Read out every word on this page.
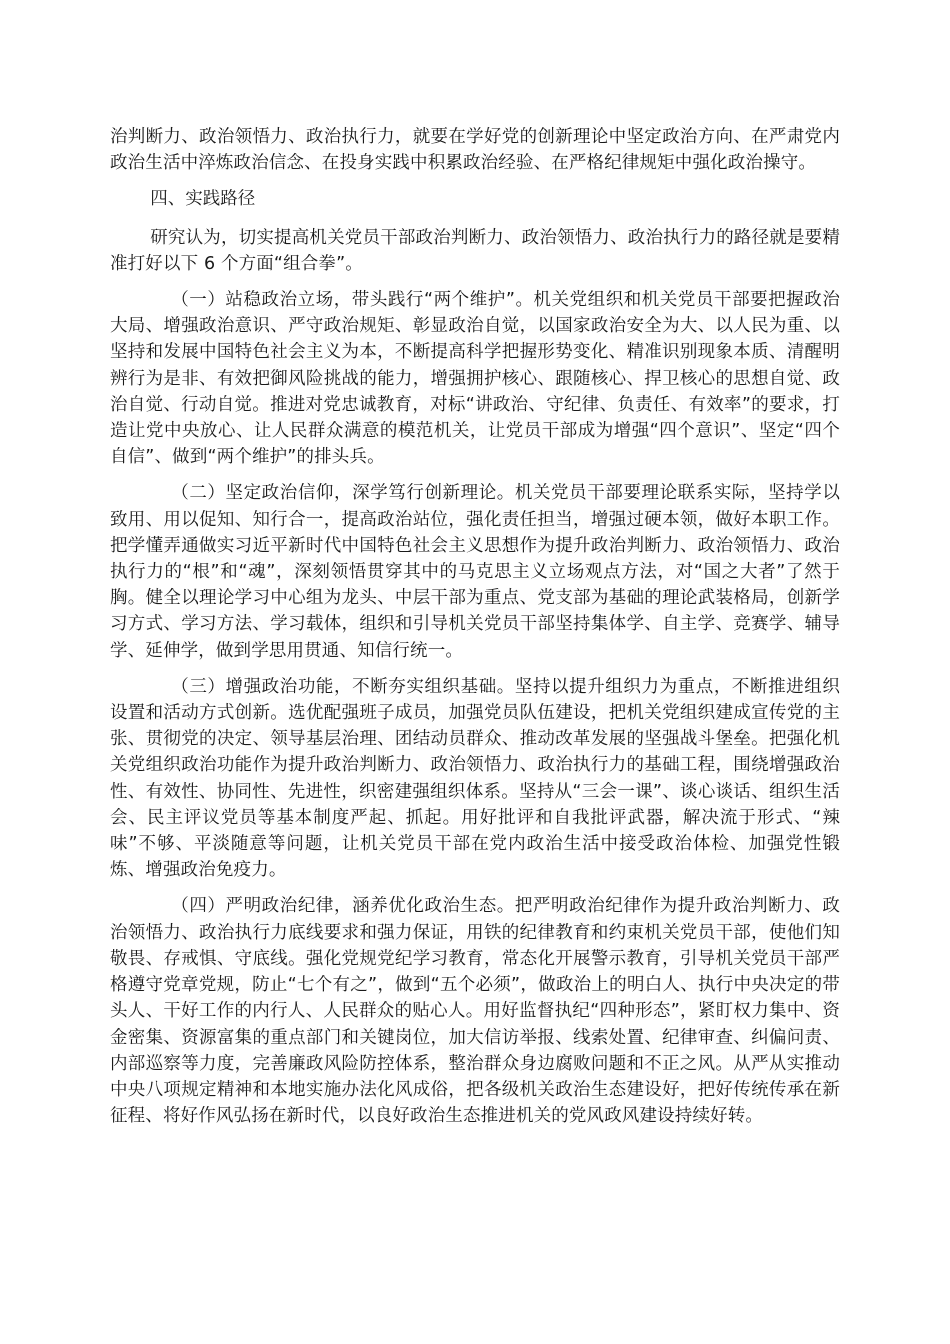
治判断力、政治领悟力、政治执行力，就要在学好党的创新理论中坚定政治方向、在严肃党内政治生活中淬炼政治信念、在投身实践中积累政治经验、在严格纪律规矩中强化政治操守。

四、实践路径

研究认为，切实提高机关党员干部政治判断力、政治领悟力、政治执行力的路径就是要精准打好以下 6 个方面“组合拳”。

（一）站稳政治立场，带头践行“两个维护”。机关党组织和机关党员干部要把握政治大局、增强政治意识、严守政治规矩、彰显政治自觉，以国家政治安全为大、以人民为重、以坚持和发展中国特色社会主义为本，不断提高科学把握形势变化、精准识别现象本质、清醒明辨行为是非、有效把御风险挑战的能力，增强拥护核心、跟随核心、捍卫核心的思想自觉、政治自觉、行动自觉。推进对党忠诚教育，对标“讲政治、守纪律、负责任、有效率”的要求，打造让党中央放心、让人民群众满意的模范机关，让党员干部成为增强“四个意识”、坚定“四个自信”、做到“两个维护”的排头兵。

（二）坚定政治信仰，深学笃行创新理论。机关党员干部要理论联系实际，坚持学以致用、用以促知、知行合一，提高政治站位，强化责任担当，增强过硬本领，做好本职工作。把学懂弄通做实习近平新时代中国特色社会主义思想作为提升政治判断力、政治领悟力、政治执行力的“根”和“魂”，深刻领悟贯穿其中的马克思主义立场观点方法，对“国之大者”了然于胸。健全以理论学习中心组为龙头、中层干部为重点、党支部为基础的理论武装格局，创新学习方式、学习方法、学习载体，组织和引导机关党员干部坚持集体学、自主学、竞赛学、辅导学、延伸学，做到学思用贯通、知信行统一。

（三）增强政治功能，不断夯实组织基础。坚持以提升组织力为重点，不断推进组织设置和活动方式创新。选优配强班子成员，加强党员队伍建设，把机关党组织建成宣传党的主张、贯彻党的决定、领导基层治理、团结动员群众、推动改革发展的坚强战斗堡垒。把强化机关党组织政治功能作为提升政治判断力、政治领悟力、政治执行力的基础工程，围绕增强政治性、有效性、协同性、先进性，织密建强组织体系。坚持从“三会一课”、谈心谈话、组织生活会、民主评议党员等基本制度严起、抓起。用好批评和自我批评武器，解决流于形式、“辣味”不够、平淡随意等问题，让机关党员干部在党内政治生活中接受政治体检、加强党性锻炼、增强政治免疫力。

（四）严明政治纪律，涵养优化政治生态。把严明政治纪律作为提升政治判断力、政治领悟力、政治执行力底线要求和强力保证，用铁的纪律教育和约束机关党员干部，使他们知敬畏、存戒惧、守底线。强化党规党纪学习教育，常态化开展警示教育，引导机关党员干部严格遵守党章党规，防止“七个有之”，做到“五个必须”，做政治上的明白人、执行中央决定的带头人、干好工作的内行人、人民群众的贴心人。用好监督执纪“四种形态”，紧盯权力集中、资金密集、资源富集的重点部门和关键岗位，加大信访举报、线索处置、纪律审查、纠偏问责、内部巡察等力度，完善廉政风险防控体系，整治群众身边腐败问题和不正之风。从严从实推动中央八项规定精神和本地实施办法化风成俗，把各级机关政治生态建设好，把好传统传承在新征程、将好作风弘扬在新时代，以良好政治生态推进机关的党风政风建设持续好转。
